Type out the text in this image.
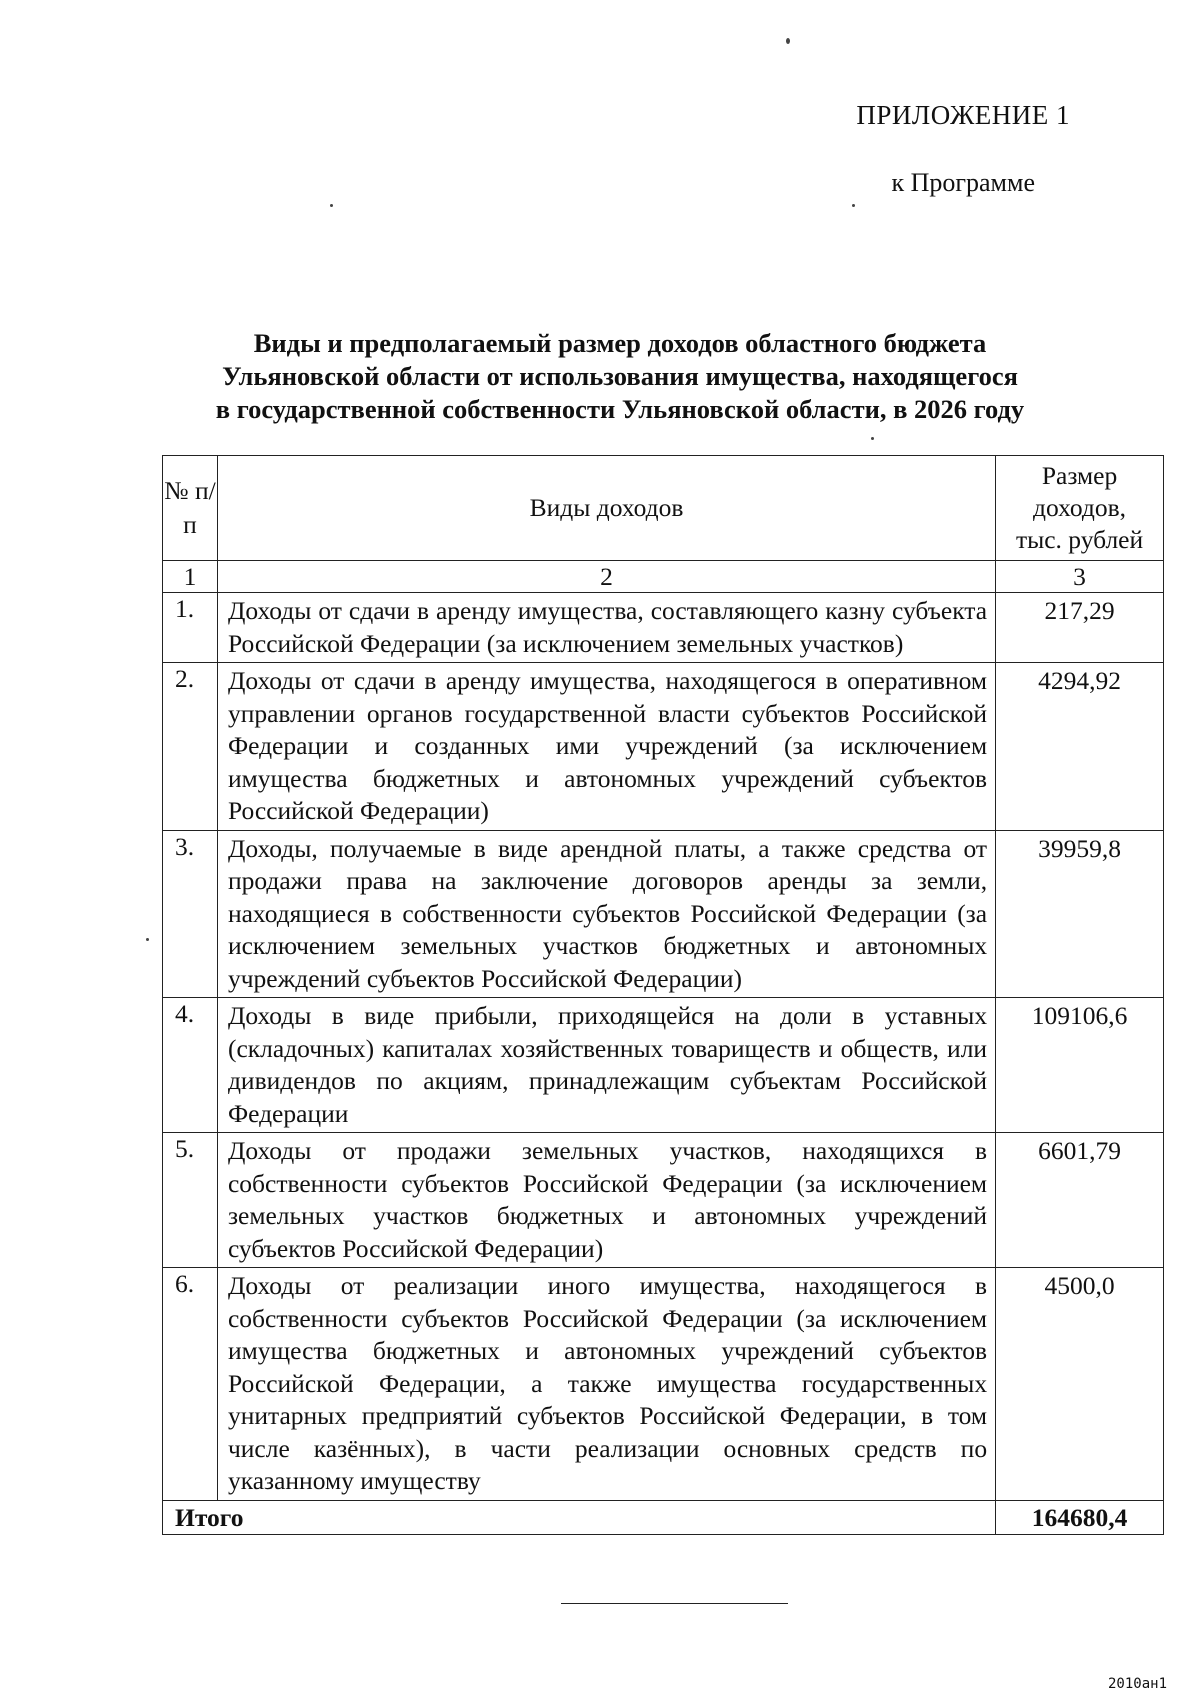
ПРИЛОЖЕНИЕ 1
к Программе
Виды и предполагаемый размер доходов областного бюджета
Ульяновской области от использования имущества, находящегося
в государственной собственности Ульяновской области, в 2026 году
№ п/п	Виды доходов	Размер
доходов,
тыс. рублей

1	2	3
1.	Доходы от сдачи в аренду имущества, составляющего казну субъекта Российской Федерации (за исключением земельных участков)	217,29
2.	Доходы от сдачи в аренду имущества, находящегося в оперативном управлении органов государственной власти субъектов Российской Федерации и созданных ими учреждений (за исключением имущества бюджетных и автономных учреждений субъектов Российской Федерации)	4294,92
3.	Доходы, получаемые в виде арендной платы, а также средства от продажи права на заключение договоров аренды за земли, находящиеся в собственности субъектов Российской Федерации (за исключением земельных участков бюджетных и автономных учреждений субъектов Российской Федерации)	39959,8
4.	Доходы в виде прибыли, приходящейся на доли в уставных (складочных) капиталах хозяйственных товариществ и обществ, или дивидендов по акциям, принадлежащим субъектам Российской Федерации	109106,6
5.	Доходы от продажи земельных участков, находящихся в собственности субъектов Российской Федерации (за исключением земельных участков бюджетных и автономных учреждений субъектов Российской Федерации)	6601,79
6.	Доходы от реализации иного имущества, находящегося в собственности субъектов Российской Федерации (за исключением имущества бюджетных и автономных учреждений субъектов Российской Федерации, а также имущества государственных унитарных предприятий субъектов Российской Федерации, в том числе казённых), в части реализации основных средств по указанному имуществу	4500,0
Итого		164680,4
2010ан1
